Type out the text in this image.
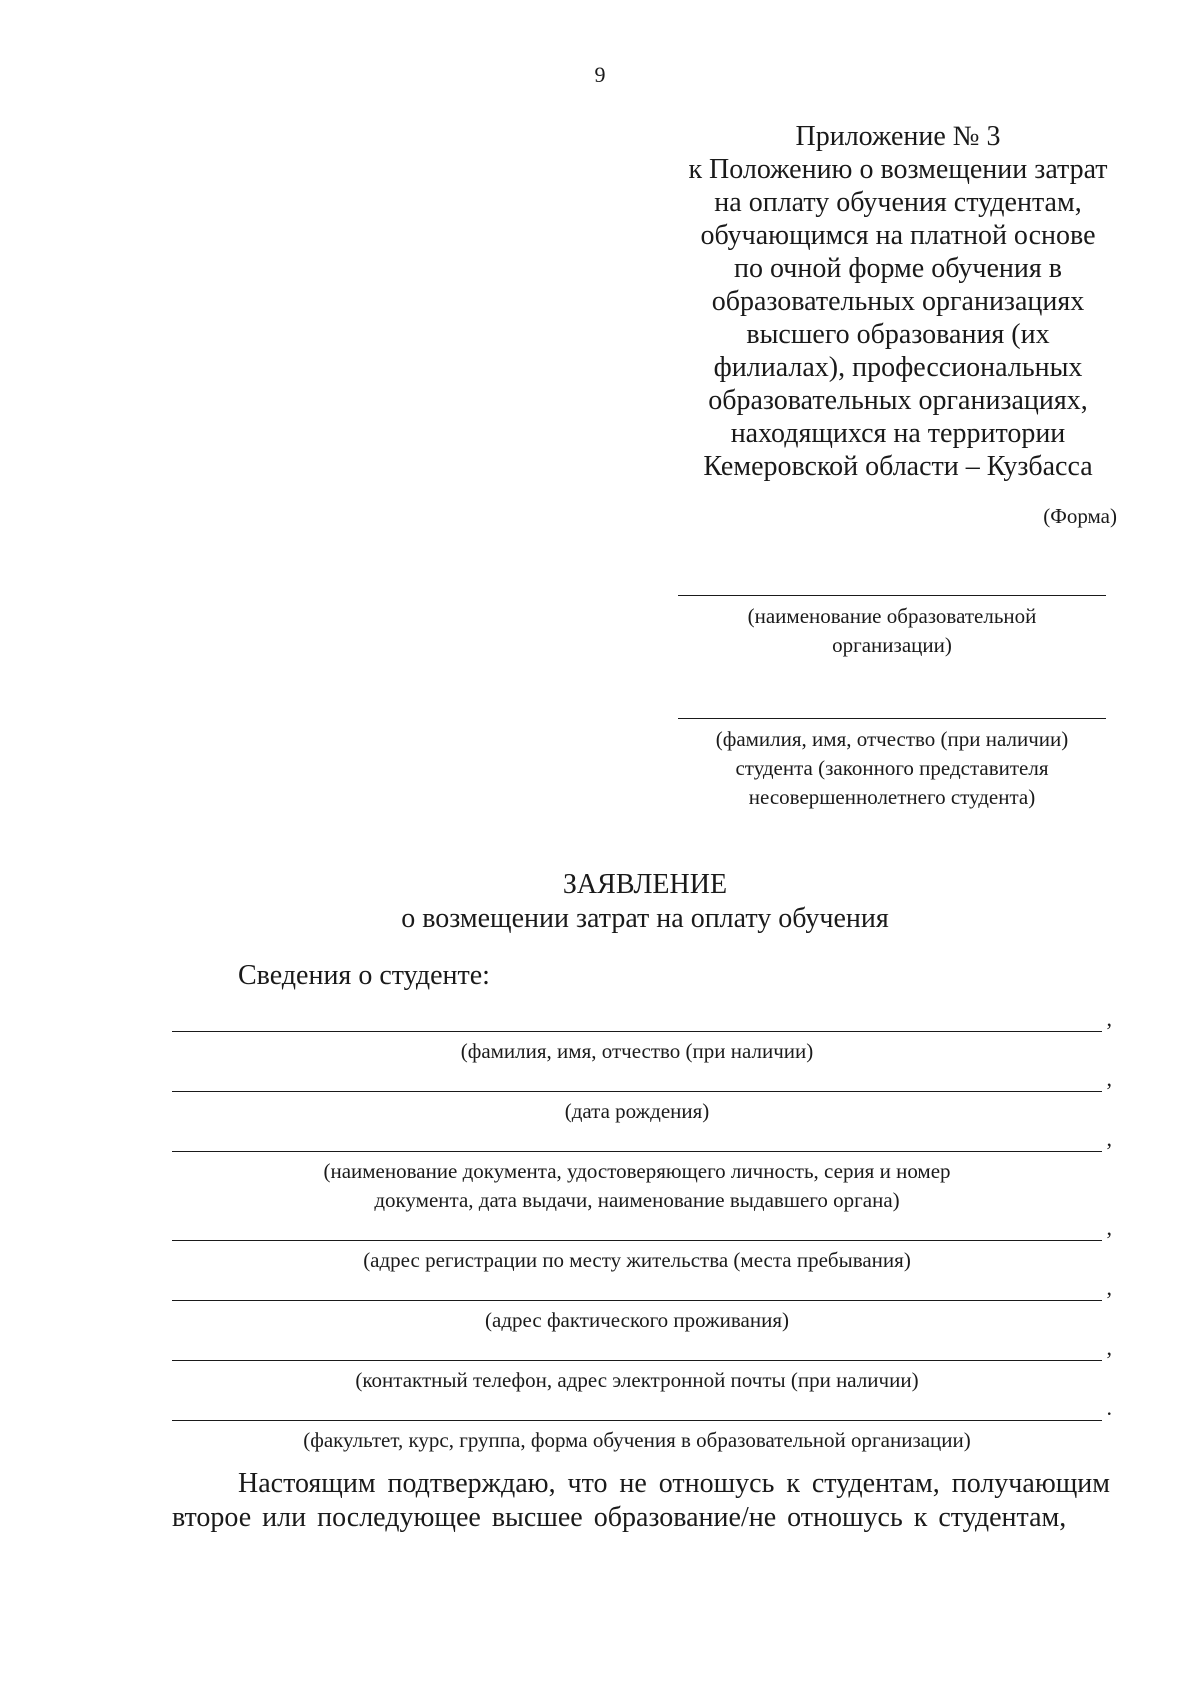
9
Приложение № 3
к Положению о возмещении затрат
на оплату обучения студентам,
обучающимся на платной основе
по очной форме обучения в
образовательных организациях
высшего образования (их
филиалах), профессиональных
образовательных организациях,
находящихся на территории
Кемеровской области – Кузбасса
(Форма)
(наименование образовательной
организации)
(фамилия, имя, отчество (при наличии)
студента (законного представителя
несовершеннолетнего студента)
ЗАЯВЛЕНИЕ
о возмещении затрат на оплату обучения
Сведения о студенте:
,
(фамилия, имя, отчество (при наличии)
,
(дата рождения)
,
(наименование документа, удостоверяющего личность, серия и номер документа, дата выдачи, наименование выдавшего органа)
,
(адрес регистрации по месту жительства (места пребывания)
,
(адрес фактического проживания)
,
(контактный телефон, адрес электронной почты (при наличии)
.
(факультет, курс, группа, форма обучения в образовательной организации)
Настоящим подтверждаю, что не отношусь к студентам, получающим второе или последующее высшее образование/не отношусь к студентам,
